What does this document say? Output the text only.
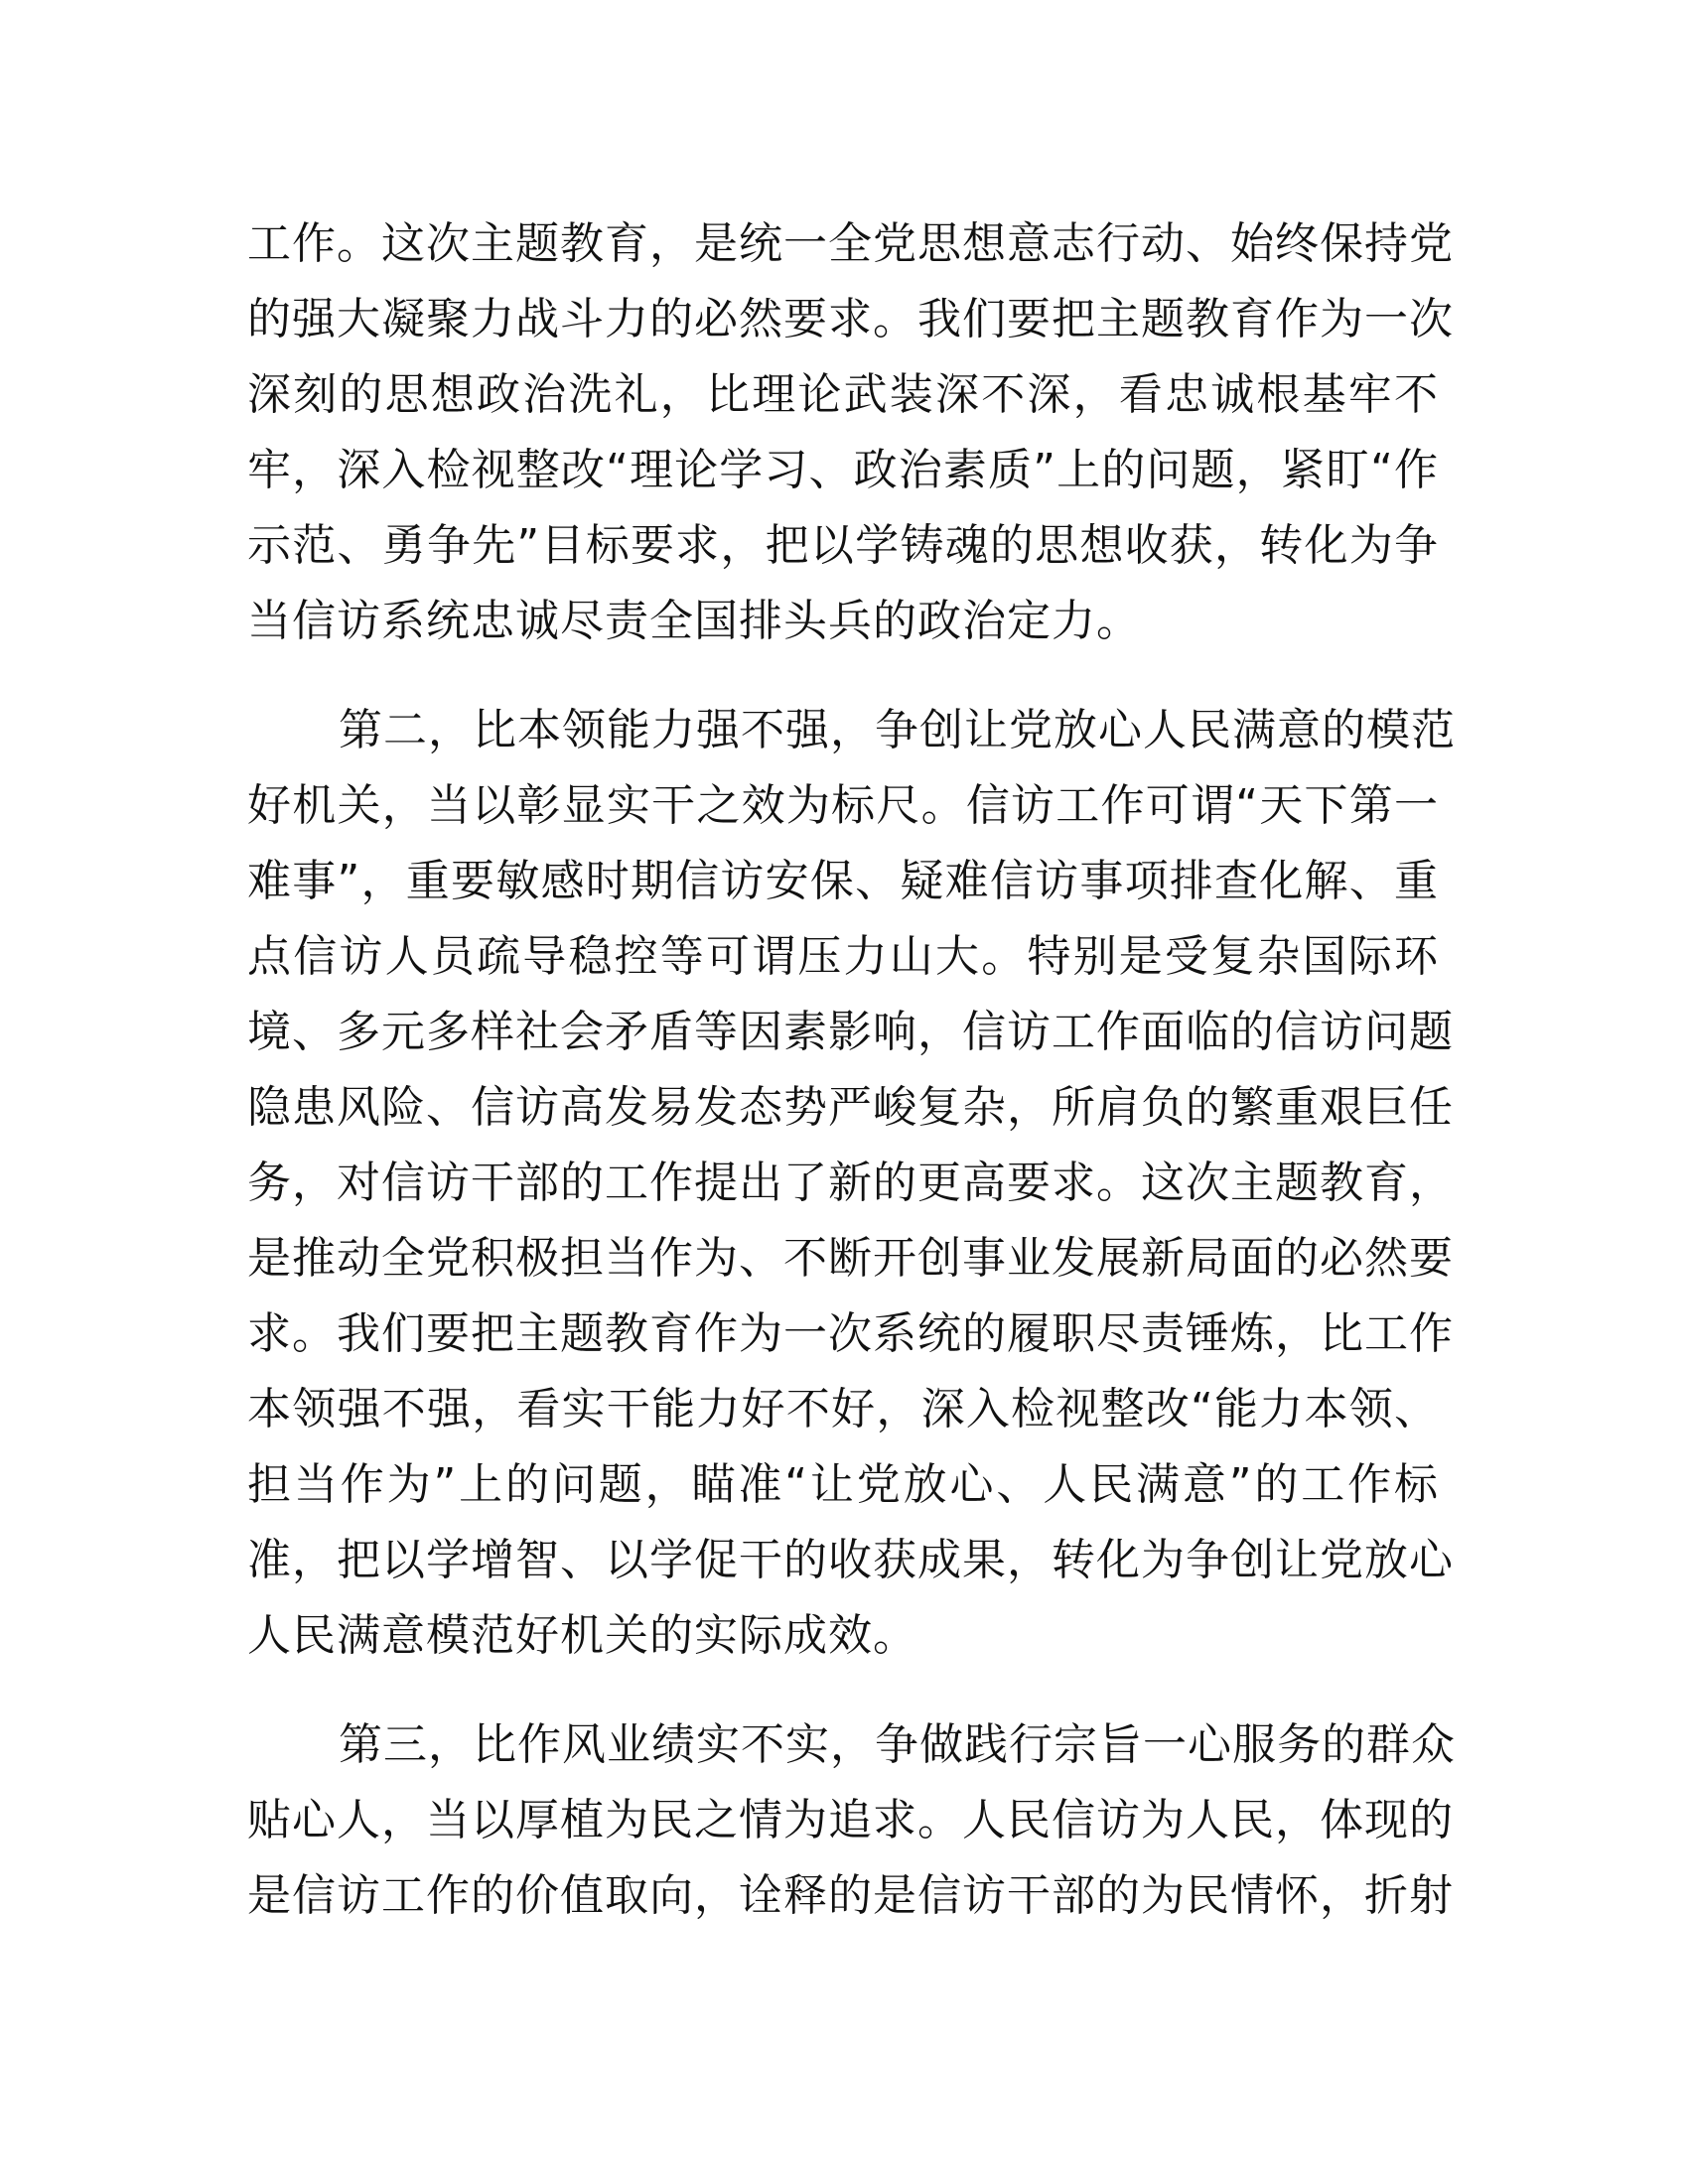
工作。这次主题教育，是统一全党思想意志行动、始终保持党
的强大凝聚力战斗力的必然要求。我们要把主题教育作为一次
深刻的思想政治洗礼，比理论武装深不深，看忠诚根基牢不
牢，深入检视整改“理论学习、政治素质”上的问题，紧盯“作
示范、勇争先”目标要求，把以学铸魂的思想收获，转化为争
当信访系统忠诚尽责全国排头兵的政治定力。

第二，比本领能力强不强，争创让党放心人民满意的模范
好机关，当以彰显实干之效为标尺。信访工作可谓“天下第一
难事”，重要敏感时期信访安保、疑难信访事项排查化解、重
点信访人员疏导稳控等可谓压力山大。特别是受复杂国际环
境、多元多样社会矛盾等因素影响，信访工作面临的信访问题
隐患风险、信访高发易发态势严峻复杂，所肩负的繁重艰巨任
务，对信访干部的工作提出了新的更高要求。这次主题教育，
是推动全党积极担当作为、不断开创事业发展新局面的必然要
求。我们要把主题教育作为一次系统的履职尽责锤炼，比工作
本领强不强，看实干能力好不好，深入检视整改“能力本领、
担当作为”上的问题，瞄准“让党放心、人民满意”的工作标
准，把以学增智、以学促干的收获成果，转化为争创让党放心
人民满意模范好机关的实际成效。

第三，比作风业绩实不实，争做践行宗旨一心服务的群众
贴心人，当以厚植为民之情为追求。人民信访为人民，体现的
是信访工作的价值取向，诠释的是信访干部的为民情怀，折射
